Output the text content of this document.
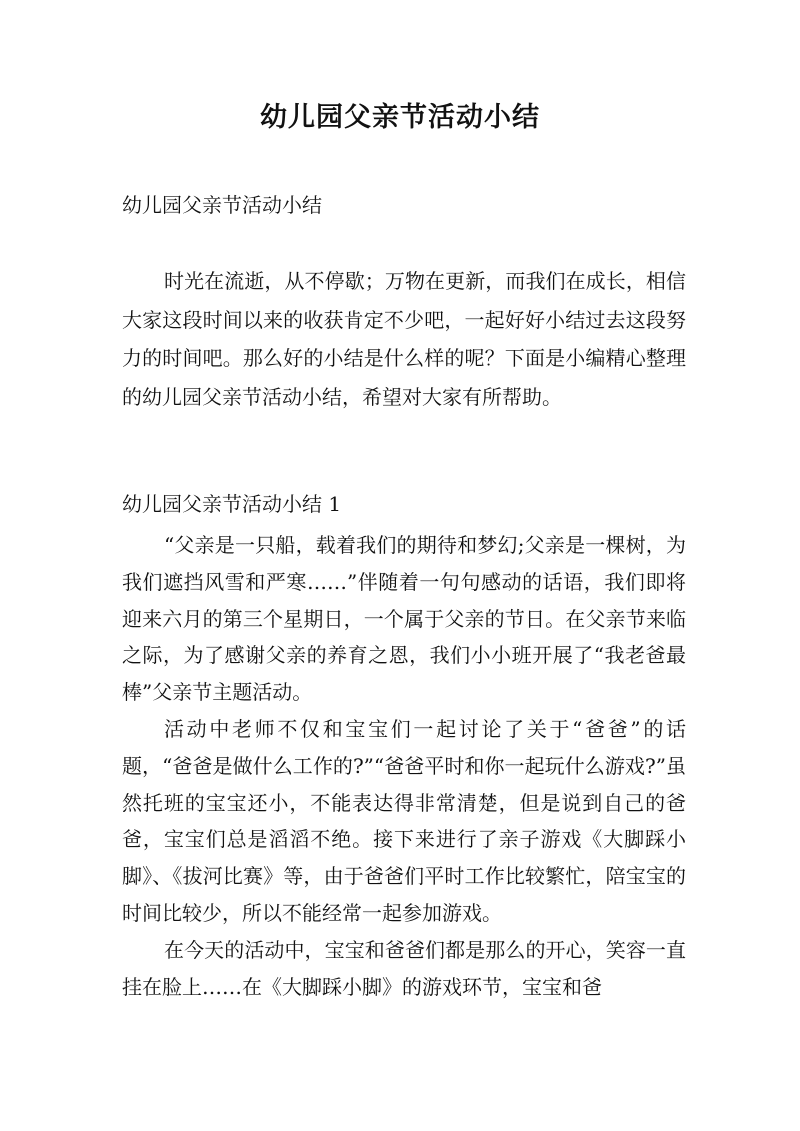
幼儿园父亲节活动小结
幼儿园父亲节活动小结

时光在流逝，从不停歇；万物在更新，而我们在成长，相信大家这段时间以来的收获肯定不少吧，一起好好小结过去这段努力的时间吧。那么好的小结是什么样的呢？下面是小编精心整理的幼儿园父亲节活动小结，希望对大家有所帮助。

幼儿园父亲节活动小结 1

“父亲是一只船，载着我们的期待和梦幻;父亲是一棵树，为我们遮挡风雪和严寒……”伴随着一句句感动的话语，我们即将迎来六月的第三个星期日，一个属于父亲的节日。在父亲节来临之际，为了感谢父亲的养育之恩，我们小小班开展了“我老爸最棒”父亲节主题活动。

活动中老师不仅和宝宝们一起讨论了关于“爸爸”的话题，“爸爸是做什么工作的?”“爸爸平时和你一起玩什么游戏?”虽然托班的宝宝还小，不能表达得非常清楚，但是说到自己的爸爸，宝宝们总是滔滔不绝。接下来进行了亲子游戏《大脚踩小脚》、《拔河比赛》等，由于爸爸们平时工作比较繁忙，陪宝宝的时间比较少，所以不能经常一起参加游戏。

在今天的活动中，宝宝和爸爸们都是那么的开心，笑容一直挂在脸上……在《大脚踩小脚》的游戏环节，宝宝和爸
